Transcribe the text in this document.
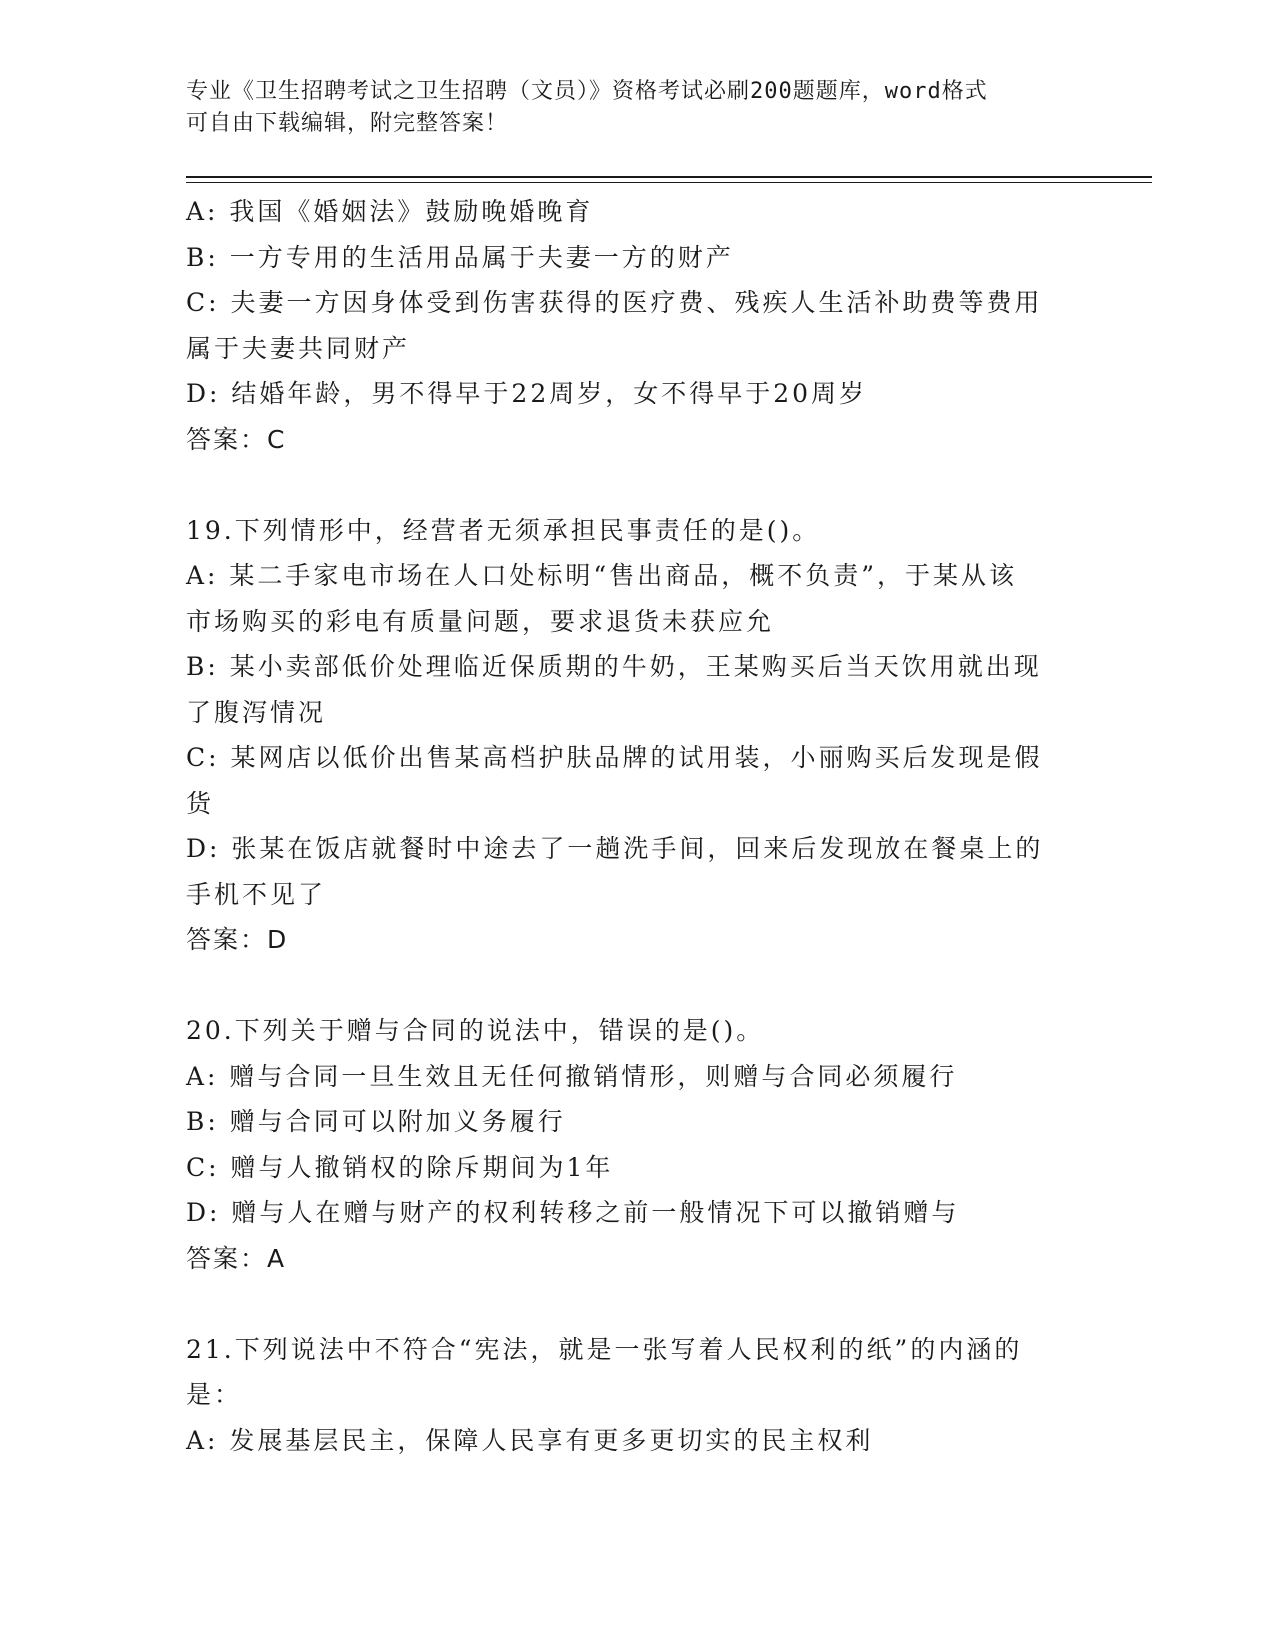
专业《卫生招聘考试之卫生招聘（文员）》资格考试必刷200题题库，word格式
可自由下载编辑，附完整答案！
A: 我国《婚姻法》鼓励晚婚晚育
B: 一方专用的生活用品属于夫妻一方的财产
C: 夫妻一方因身体受到伤害获得的医疗费、残疾人生活补助费等费用
属于夫妻共同财产
D: 结婚年龄，男不得早于22周岁，女不得早于20周岁
答案：C
19.下列情形中，经营者无须承担民事责任的是()。
A: 某二手家电市场在人口处标明“售出商品，概不负责”，于某从该
市场购买的彩电有质量问题，要求退货未获应允
B: 某小卖部低价处理临近保质期的牛奶，王某购买后当天饮用就出现
了腹泻情况
C: 某网店以低价出售某高档护肤品牌的试用装，小丽购买后发现是假
货
D: 张某在饭店就餐时中途去了一趟洗手间，回来后发现放在餐桌上的
手机不见了
答案：D
20.下列关于赠与合同的说法中，错误的是()。
A: 赠与合同一旦生效且无任何撤销情形，则赠与合同必须履行
B: 赠与合同可以附加义务履行
C: 赠与人撤销权的除斥期间为1年
D: 赠与人在赠与财产的权利转移之前一般情况下可以撤销赠与
答案：A
21.下列说法中不符合“宪法，就是一张写着人民权利的纸”的内涵的
是：
A: 发展基层民主，保障人民享有更多更切实的民主权利
